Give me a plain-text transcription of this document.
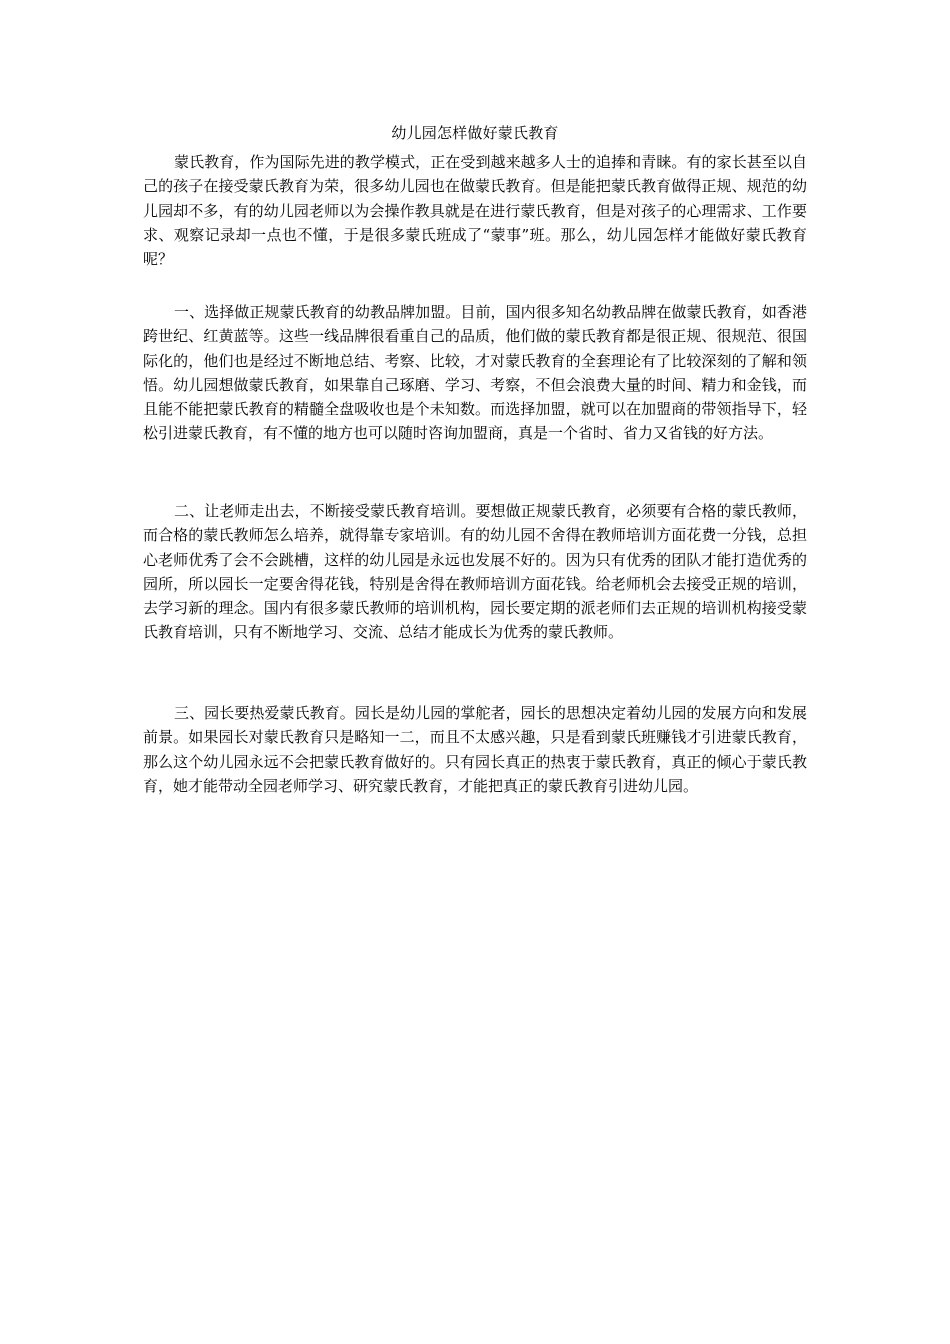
幼儿园怎样做好蒙氏教育

蒙氏教育，作为国际先进的教学模式，正在受到越来越多人士的追捧和青睐。有的家长甚至以自己的孩子在接受蒙氏教育为荣，很多幼儿园也在做蒙氏教育。但是能把蒙氏教育做得正规、规范的幼儿园却不多，有的幼儿园老师以为会操作教具就是在进行蒙氏教育，但是对孩子的心理需求、工作要求、观察记录却一点也不懂，于是很多蒙氏班成了“蒙事”班。那么，幼儿园怎样才能做好蒙氏教育呢？

一、选择做正规蒙氏教育的幼教品牌加盟。目前，国内很多知名幼教品牌在做蒙氏教育，如香港跨世纪、红黄蓝等。这些一线品牌很看重自己的品质，他们做的蒙氏教育都是很正规、很规范、很国际化的，他们也是经过不断地总结、考察、比较，才对蒙氏教育的全套理论有了比较深刻的了解和领悟。幼儿园想做蒙氏教育，如果靠自己琢磨、学习、考察，不但会浪费大量的时间、精力和金钱，而且能不能把蒙氏教育的精髓全盘吸收也是个未知数。而选择加盟，就可以在加盟商的带领指导下，轻松引进蒙氏教育，有不懂的地方也可以随时咨询加盟商，真是一个省时、省力又省钱的好方法。

二、让老师走出去，不断接受蒙氏教育培训。要想做正规蒙氏教育，必须要有合格的蒙氏教师，而合格的蒙氏教师怎么培养，就得靠专家培训。有的幼儿园不舍得在教师培训方面花费一分钱，总担心老师优秀了会不会跳槽，这样的幼儿园是永远也发展不好的。因为只有优秀的团队才能打造优秀的园所，所以园长一定要舍得花钱，特别是舍得在教师培训方面花钱。给老师机会去接受正规的培训，去学习新的理念。国内有很多蒙氏教师的培训机构，园长要定期的派老师们去正规的培训机构接受蒙氏教育培训，只有不断地学习、交流、总结才能成长为优秀的蒙氏教师。

三、园长要热爱蒙氏教育。园长是幼儿园的掌舵者，园长的思想决定着幼儿园的发展方向和发展前景。如果园长对蒙氏教育只是略知一二，而且不太感兴趣，只是看到蒙氏班赚钱才引进蒙氏教育，那么这个幼儿园永远不会把蒙氏教育做好的。只有园长真正的热衷于蒙氏教育，真正的倾心于蒙氏教育，她才能带动全园老师学习、研究蒙氏教育，才能把真正的蒙氏教育引进幼儿园。
